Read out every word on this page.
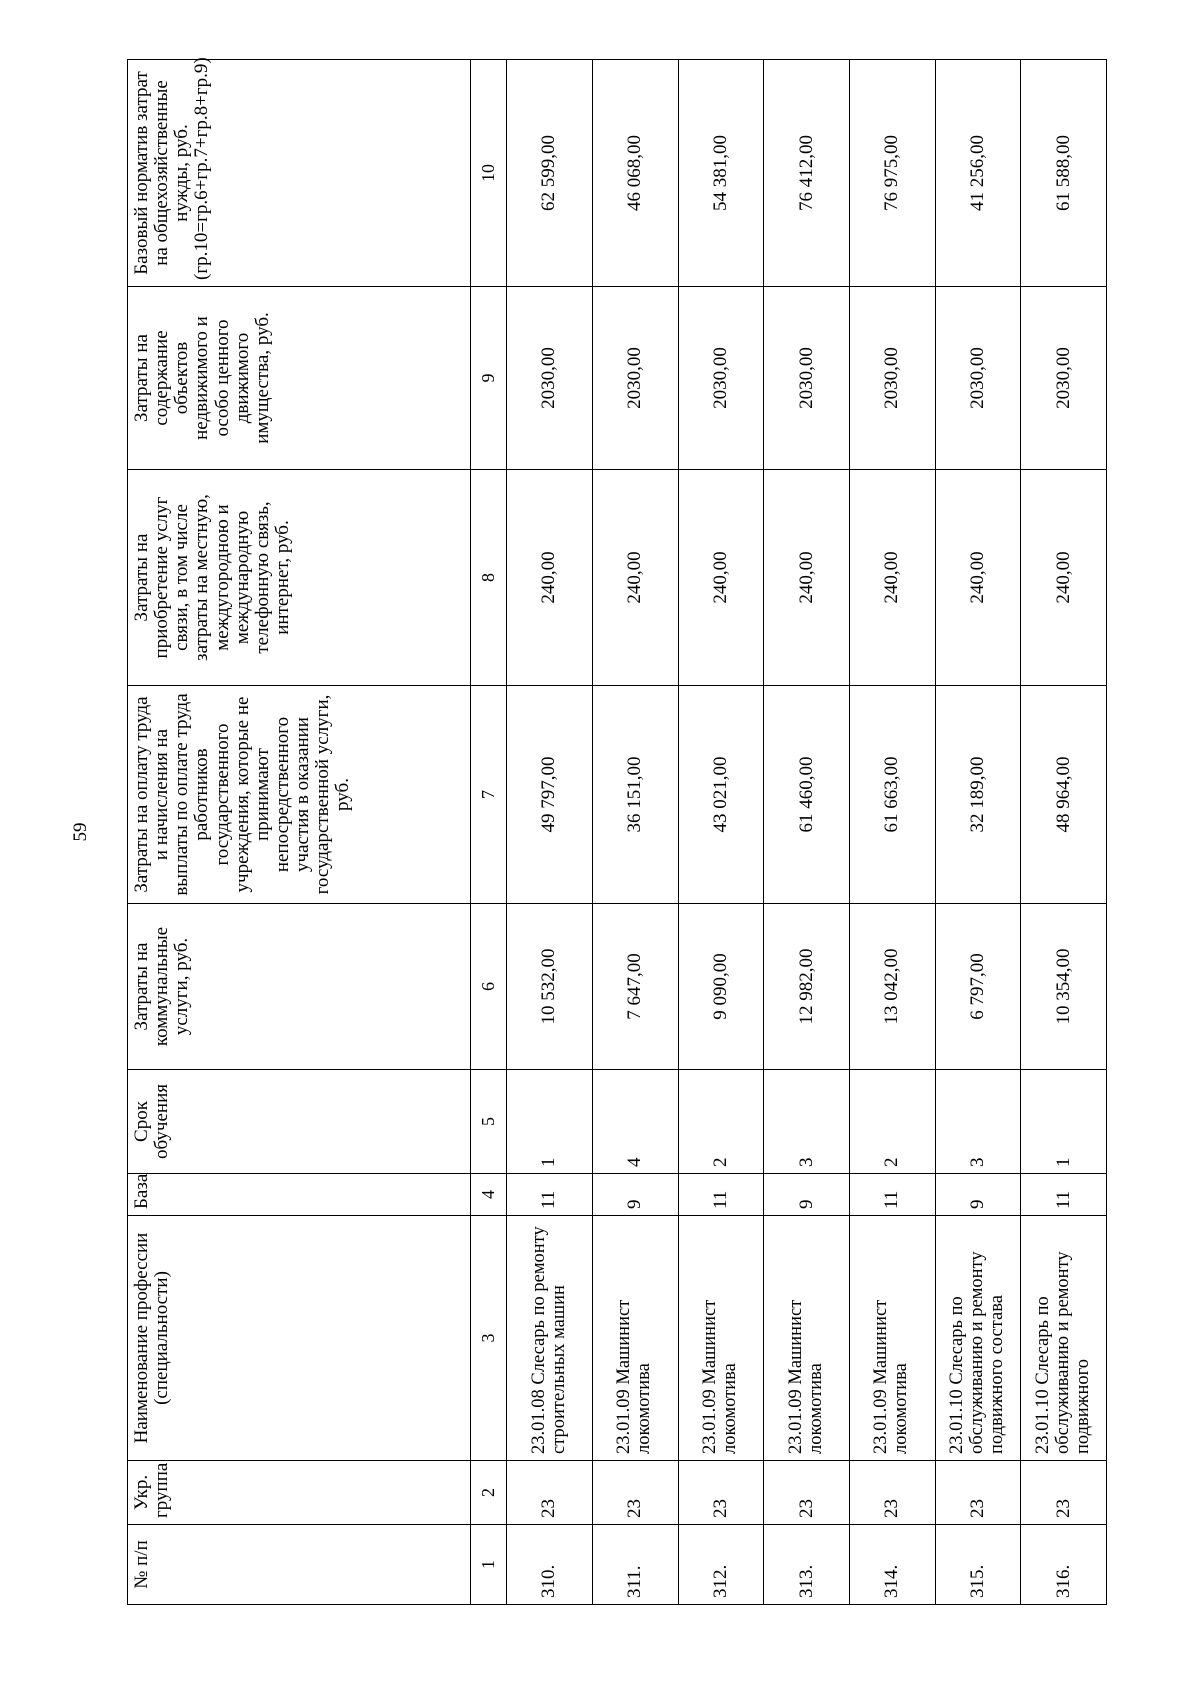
59
№ п/п	Укр. группа	Наименование профессии (специальности)	База	Срок обучения	Затраты на коммунальные услуги, руб.	Затраты на оплату труда и начисления на выплаты по оплате труда работников государственного учреждения, которые не принимают непосредственного участия в оказании государственной услуги, руб.	Затраты на приобретение услуг связи, в том числе затраты на местную, междугородною и международную телефонную связь, интернет, руб.	Затраты на содержание объектов недвижимого и особо ценного движимого имущества, руб.	Базовый норматив затрат на общехозяйственные нужды, руб. (гр.10=гр.6+гр.7+гр.8+гр.9)
1	2	3	4	5	6	7	8	9	10
310.	23	23.01.08 Слесарь по ремонту строительных машин	11	1	10 532,00	49 797,00	240,00	2030,00	62 599,00
311.	23	23.01.09 Машинист локомотива	9	4	7 647,00	36 151,00	240,00	2030,00	46 068,00
312.	23	23.01.09 Машинист локомотива	11	2	9 090,00	43 021,00	240,00	2030,00	54 381,00
313.	23	23.01.09 Машинист локомотива	9	3	12 982,00	61 460,00	240,00	2030,00	76 412,00
314.	23	23.01.09 Машинист локомотива	11	2	13 042,00	61 663,00	240,00	2030,00	76 975,00
315.	23	23.01.10 Слесарь по обслуживанию и ремонту подвижного состава	9	3	6 797,00	32 189,00	240,00	2030,00	41 256,00
316.	23	23.01.10 Слесарь по обслуживанию и ремонту подвижного	11	1	10 354,00	48 964,00	240,00	2030,00	61 588,00
